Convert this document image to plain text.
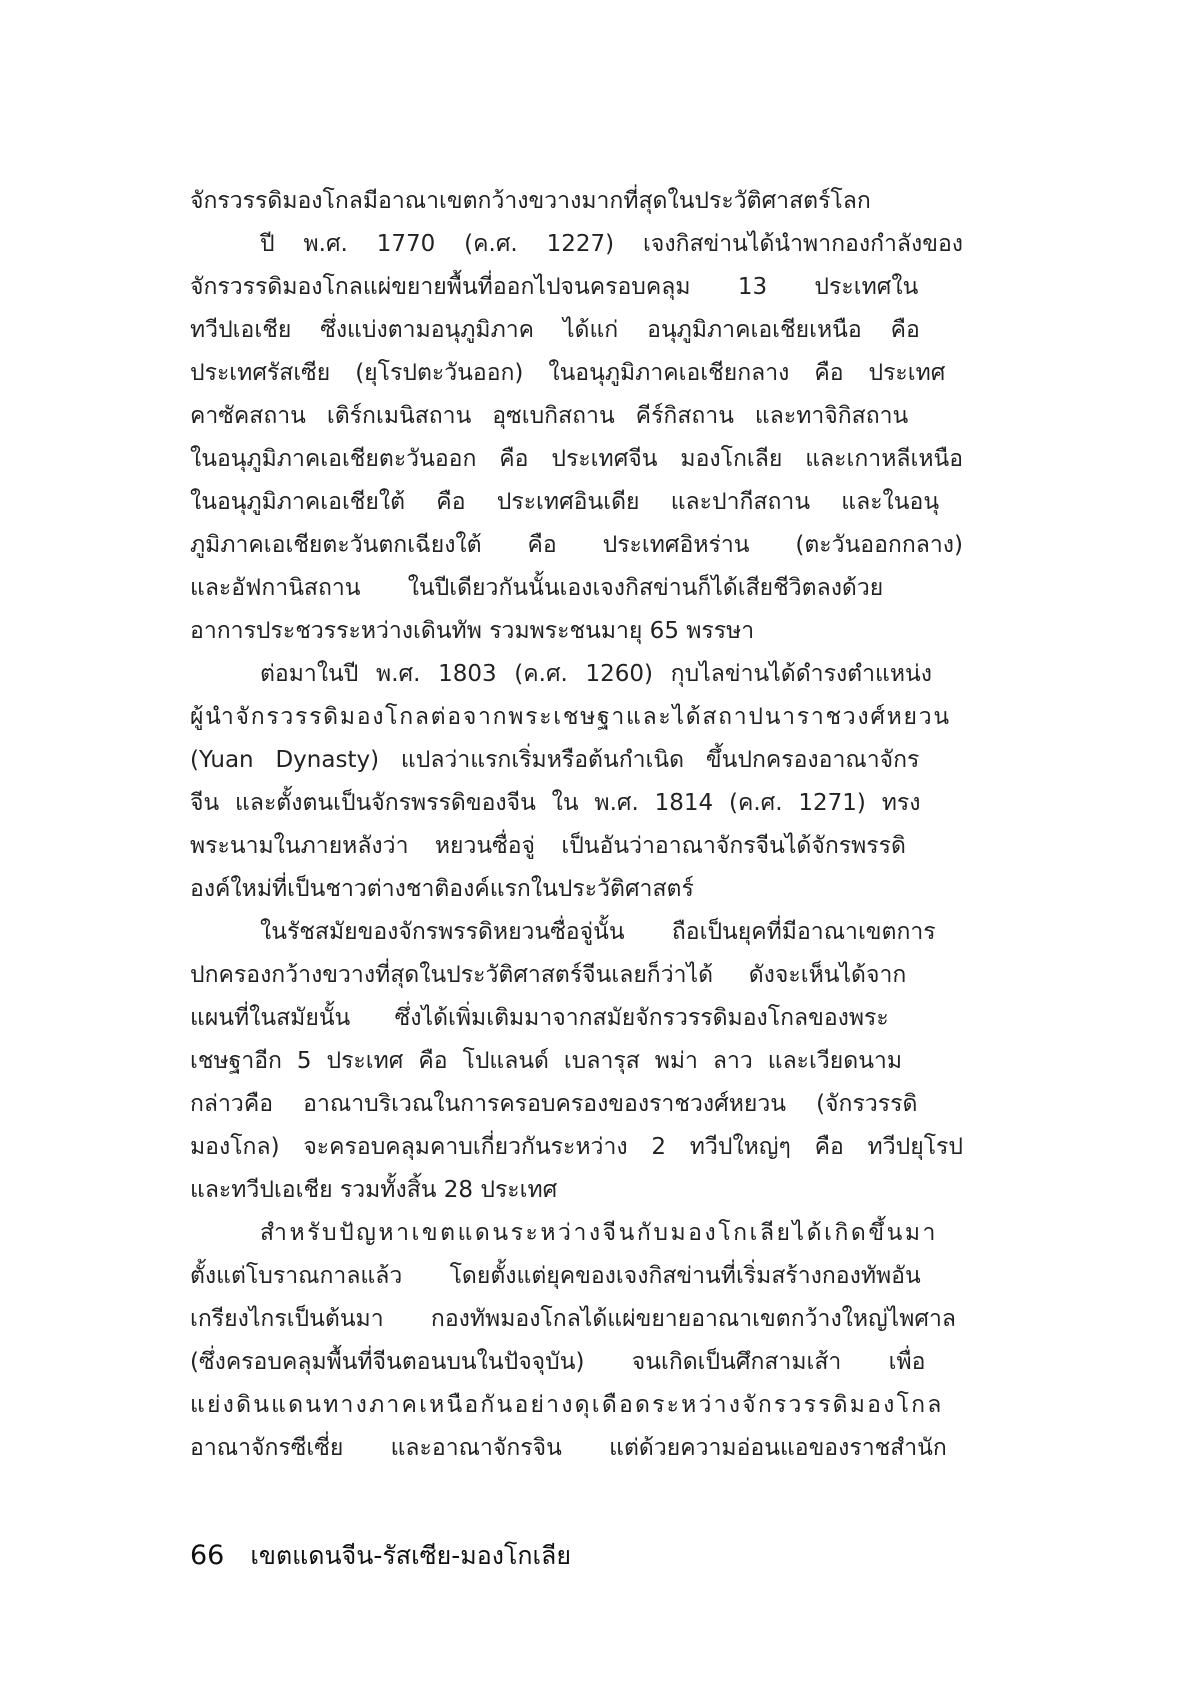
จักรวรรดิมองโกลมีอาณาเขตกว้างขวางมากที่สุดในประวัติศาสตร์โลก
ปี พ.ศ. 1770 (ค.ศ. 1227) เจงกิสข่านได้นำพากองกำลังของ
จักรวรรดิมองโกลแผ่ขยายพื้นที่ออกไปจนครอบคลุม 13 ประเทศใน
ทวีปเอเชีย ซึ่งแบ่งตามอนุภูมิภาค ได้แก่ อนุภูมิภาคเอเชียเหนือ คือ
ประเทศรัสเซีย (ยุโรปตะวันออก) ในอนุภูมิภาคเอเชียกลาง คือ ประเทศ
คาซัคสถาน เติร์กเมนิสถาน อุซเบกิสถาน คีร์กิสถาน และทาจิกิสถาน
ในอนุภูมิภาคเอเชียตะวันออก คือ ประเทศจีน มองโกเลีย และเกาหลีเหนือ
ในอนุภูมิภาคเอเชียใต้ คือ ประเทศอินเดีย และปากีสถาน และในอนุ
ภูมิภาคเอเชียตะวันตกเฉียงใต้ คือ ประเทศอิหร่าน (ตะวันออกกลาง)
และอัฟกานิสถาน ในปีเดียวกันนั้นเองเจงกิสข่านก็ได้เสียชีวิตลงด้วย
อาการประชวรระหว่างเดินทัพ รวมพระชนมายุ 65 พรรษา
ต่อมาในปี พ.ศ. 1803 (ค.ศ. 1260) กุบไลข่านได้ดำรงตำแหน่ง
ผู้นำจักรวรรดิมองโกลต่อจากพระเชษฐาและได้สถาปนาราชวงศ์หยวน
(Yuan Dynasty) แปลว่าแรกเริ่มหรือต้นกำเนิด ขึ้นปกครองอาณาจักร
จีน และตั้งตนเป็นจักรพรรดิของจีน ใน พ.ศ. 1814 (ค.ศ. 1271) ทรง
พระนามในภายหลังว่า หยวนซื่อจู่ เป็นอันว่าอาณาจักรจีนได้จักรพรรดิ
องค์ใหม่ที่เป็นชาวต่างชาติองค์แรกในประวัติศาสตร์
ในรัชสมัยของจักรพรรดิหยวนซื่อจู่นั้น ถือเป็นยุคที่มีอาณาเขตการ
ปกครองกว้างขวางที่สุดในประวัติศาสตร์จีนเลยก็ว่าได้ ดังจะเห็นได้จาก
แผนที่ในสมัยนั้น ซึ่งได้เพิ่มเติมมาจากสมัยจักรวรรดิมองโกลของพระ
เชษฐาอีก 5 ประเทศ คือ โปแลนด์ เบลารุส พม่า ลาว และเวียดนาม
กล่าวคือ อาณาบริเวณในการครอบครองของราชวงศ์หยวน (จักรวรรดิ
มองโกล) จะครอบคลุมคาบเกี่ยวกันระหว่าง 2 ทวีปใหญ่ๆ คือ ทวีปยุโรป
และทวีปเอเชีย รวมทั้งสิ้น 28 ประเทศ
สำหรับปัญหาเขตแดนระหว่างจีนกับมองโกเลียได้เกิดขึ้นมา
ตั้งแต่โบราณกาลแล้ว โดยตั้งแต่ยุคของเจงกิสข่านที่เริ่มสร้างกองทัพอัน
เกรียงไกรเป็นต้นมา กองทัพมองโกลได้แผ่ขยายอาณาเขตกว้างใหญ่ไพศาล
(ซึ่งครอบคลุมพื้นที่จีนตอนบนในปัจจุบัน) จนเกิดเป็นศึกสามเส้า เพื่อ
แย่งดินแดนทางภาคเหนือกันอย่างดุเดือดระหว่างจักรวรรดิมองโกล
อาณาจักรซีเซี่ย และอาณาจักรจิน แต่ด้วยความอ่อนแอของราชสำนัก
66 เขตแดนจีน-รัสเซีย-มองโกเลีย
